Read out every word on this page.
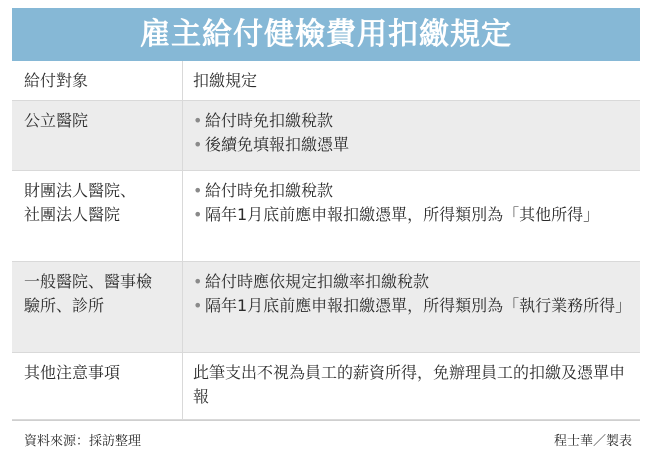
雇主給付健檢費用扣繳規定
給付對象	扣繳規定
公立醫院
•	給付時免扣繳稅款
• 後續免填報扣繳憑單
財團法人醫院、社團法人醫院
• 給付時免扣繳稅款
• 隔年1月底前應申報扣繳憑單，所得類別為「其他所得」
一般醫院、醫事檢驗所、診所
• 給付時應依規定扣繳率扣繳稅款
• 隔年1月底前應申報扣繳憑單，所得類別為「執行業務所得」
其他注意事項	此筆支出不視為員工的薪資所得，免辦理員工的扣繳及憑單申報
資料來源：採訪整理	程士華／製表
